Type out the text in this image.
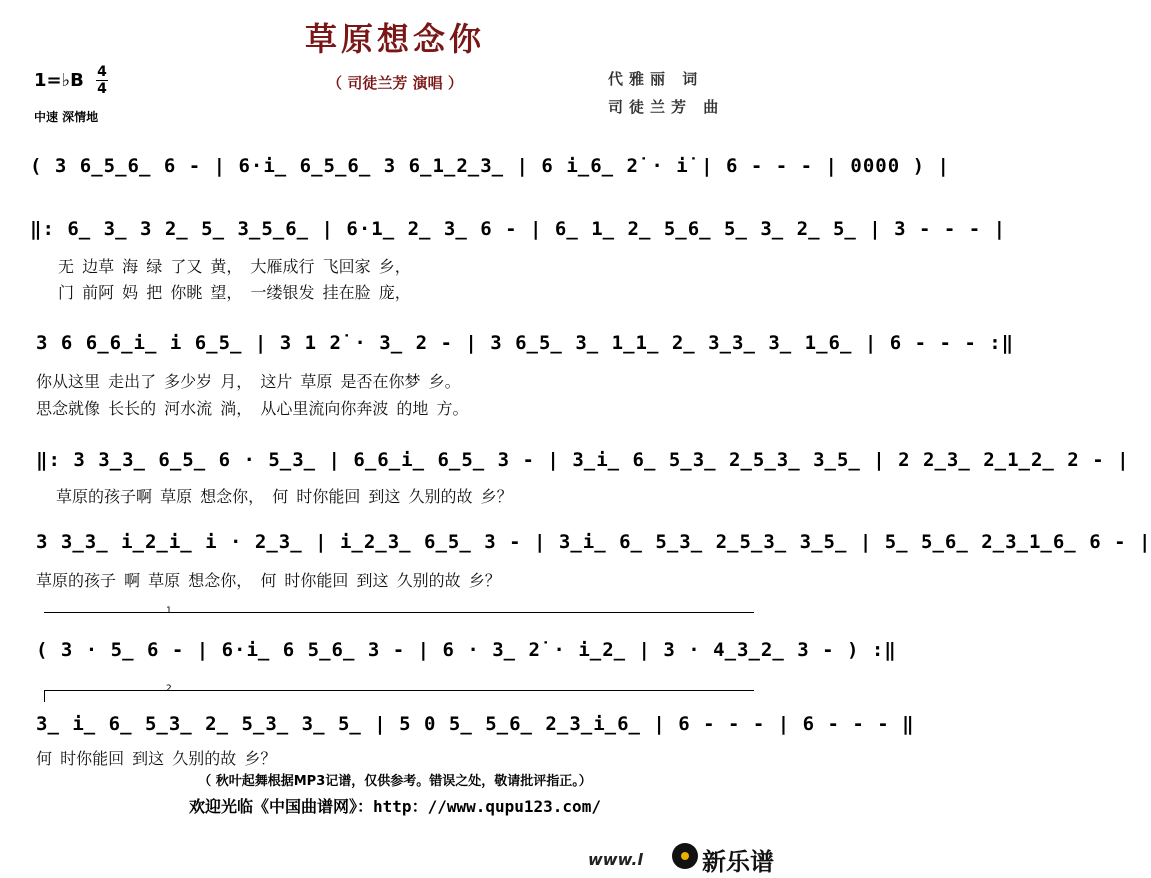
草原想念你
（ 司徒兰芳 演唱 ）	代雅丽 词
司徒兰芳 曲
1=♭B 4
4
中速 深情地
( 3 6̲5̲6̲ 6 - | 6·i̲ 6̲5̲6̲ 3 6̲1̲2̲3̲ | 6 i̲6̲ 2̇ · i̇ | 6 - - - | 0000 ) |
‖: 6̲ 3̲ 3 2̲ 5̲ 3̲5̲6̲ | 6·1̲ 2̲ 3̲ 6 - | 6̲ 1̲ 2̲ 5̲6̲ 5̲ 3̲ 2̲ 5̲ | 3 - - - |
无 边草 海 绿 了又 黄， 大雁成行 飞回家 乡，
门 前阿 妈 把 你眺 望， 一缕银发 挂在脸 庞，
3 6 6̲6̲i̲ i 6̲5̲ | 3 1 2̇ · 3̲ 2 - | 3 6̲5̲ 3̲ 1̲1̲ 2̲ 3̲3̲ 3̲ 1̲6̲ | 6 - - - :‖
你从这里 走出了 多少岁 月， 这片 草原 是否在你梦 乡。
思念就像 长长的 河水流 淌， 从心里流向你奔波 的地 方。
‖: 3 3̲3̲ 6̲5̲ 6 · 5̲3̲ | 6̲6̲i̲ 6̲5̲ 3 - | 3̲i̲ 6̲ 5̲3̲ 2̲5̲3̲ 3̲5̲ | 2 2̲3̲ 2̲1̲2̲ 2 - |
草原的孩子啊 草原 想念你， 何 时你能回 到这 久别的故 乡？
3 3̲3̲ i̲2̲i̲ i · 2̲3̲ | i̲2̲3̲ 6̲5̲ 3 - | 3̲i̲ 6̲ 5̲3̲ 2̲5̲3̲ 3̲5̲ | 5̲ 5̲6̲ 2̲3̲1̲6̲ 6 - |
草原的孩子 啊 草原 想念你， 何 时你能回 到这 久别的故 乡？
1
( 3 · 5̲ 6 - | 6·i̲ 6 5̲6̲ 3 - | 6 · 3̲ 2̇ · i̲2̲ | 3 · 4̲3̲2̲ 3 - ) :‖
2
3̲ i̲ 6̲ 5̲3̲ 2̲ 5̲3̲ 3̲ 5̲ | 5 0 5̲ 5̲6̲ 2̲3̲i̲6̲ | 6 - - - | 6 - - - ‖
何 时你能回 到这 久别的故 乡？
（ 秋叶起舞根据MP3记谱，仅供参考。错误之处，敬请批评指正。）
欢迎光临《中国曲谱网》：http：//www.qupu123.com/
www.l 新乐谱
